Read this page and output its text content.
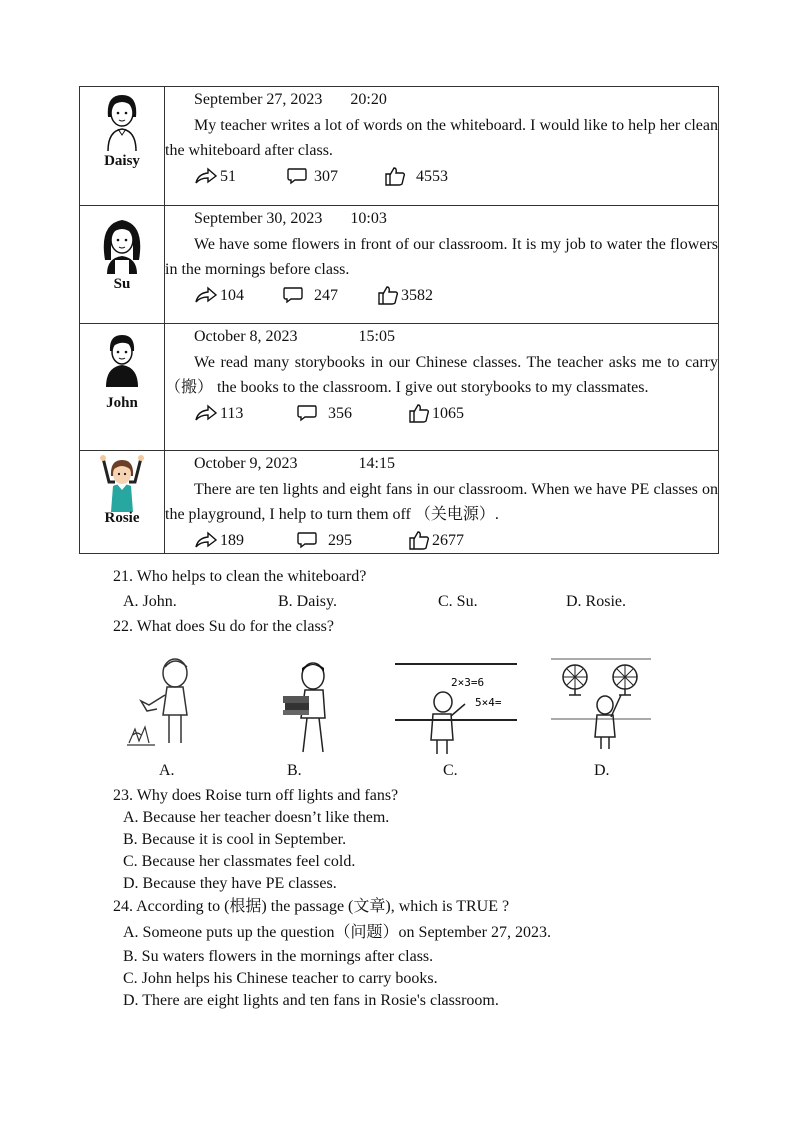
Daisy	September 27, 2023 20:20
My teacher writes a lot of words on the whiteboard. I would like to help her clean the whiteboard after class.
51 307 4553

Su	September 30, 2023 10:03
We have some flowers in front of our classroom. It is my job to water the flowers in the mornings before class.
104 247 3582

John	October 8, 2023 15:05
We read many storybooks in our Chinese classes. The teacher asks me to carry（搬） the books to the classroom. I give out storybooks to my classmates.
113 356 1065

Rosie	October 9, 2023 14:15
There are ten lights and eight fans in our classroom. When we have PE classes on the playground, I help to turn them off （关电源）.
189 295 2677
21. Who helps to clean the whiteboard?
A. John.	B. Daisy.	C. Su.	D. Rosie.
22. What does Su do for the class?
2×3=6
5×4=
A.	B.	C.	D.
23. Why does Roise turn off lights and fans?
A. Because her teacher doesn’t like them.
B. Because it is cool in September.
C. Because her classmates feel cold.
D. Because they have PE classes.
24. According to (根据) the passage (文章), which is TRUE ?
A. Someone puts up the question（问题）on September 27, 2023.
B. Su waters flowers in the mornings after class.
C. John helps his Chinese teacher to carry books.
D. There are eight lights and ten fans in Rosie's classroom.
